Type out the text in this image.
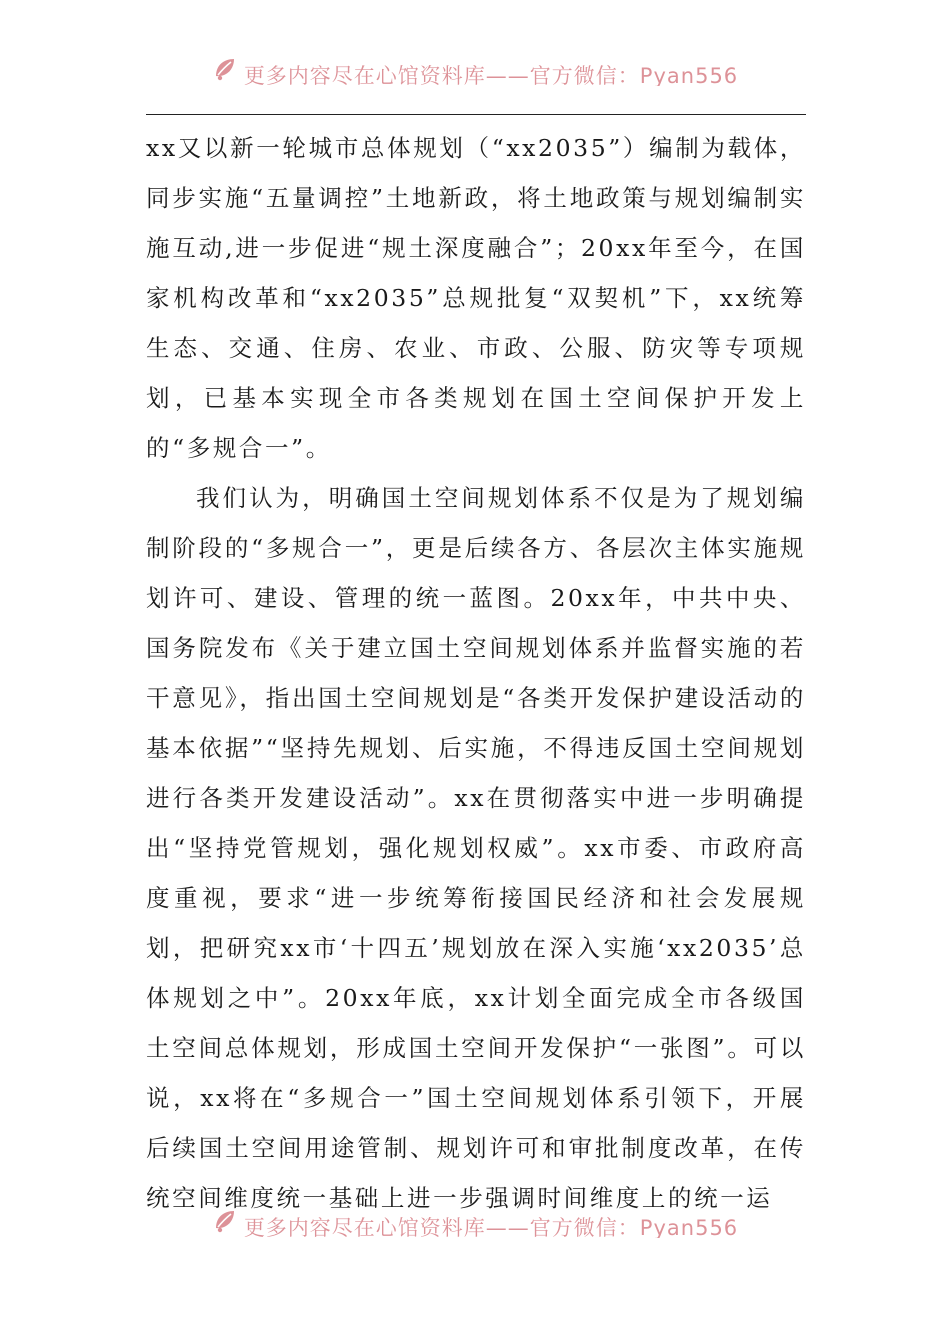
更多内容尽在心馆资料库——官方微信：Pyan556

xx又以新一轮城市总体规划（“xx2035”）编制为载体，同步实施“五量调控”土地新政，将土地政策与规划编制实施互动,进一步促进“规土深度融合”；20xx年至今，在国家机构改革和“xx2035”总规批复“双契机”下，xx统筹生态、交通、住房、农业、市政、公服、防灾等专项规划，已基本实现全市各类规划在国土空间保护开发上的“多规合一”。

我们认为，明确国土空间规划体系不仅是为了规划编制阶段的“多规合一”，更是后续各方、各层次主体实施规划许可、建设、管理的统一蓝图。20xx年，中共中央、国务院发布《关于建立国土空间规划体系并监督实施的若干意见》，指出国土空间规划是“各类开发保护建设活动的基本依据”“坚持先规划、后实施，不得违反国土空间规划进行各类开发建设活动”。xx在贯彻落实中进一步明确提出“坚持党管规划，强化规划权威”。xx市委、市政府高度重视，要求“进一步统筹衔接国民经济和社会发展规划，把研究xx市‘十四五’规划放在深入实施‘xx2035’总体规划之中”。20xx年底，xx计划全面完成全市各级国土空间总体规划，形成国土空间开发保护“一张图”。可以说，xx将在“多规合一”国土空间规划体系引领下，开展后续国土空间用途管制、规划许可和审批制度改革，在传统空间维度统一基础上进一步强调时间维度上的统一运

更多内容尽在心馆资料库——官方微信：Pyan556
